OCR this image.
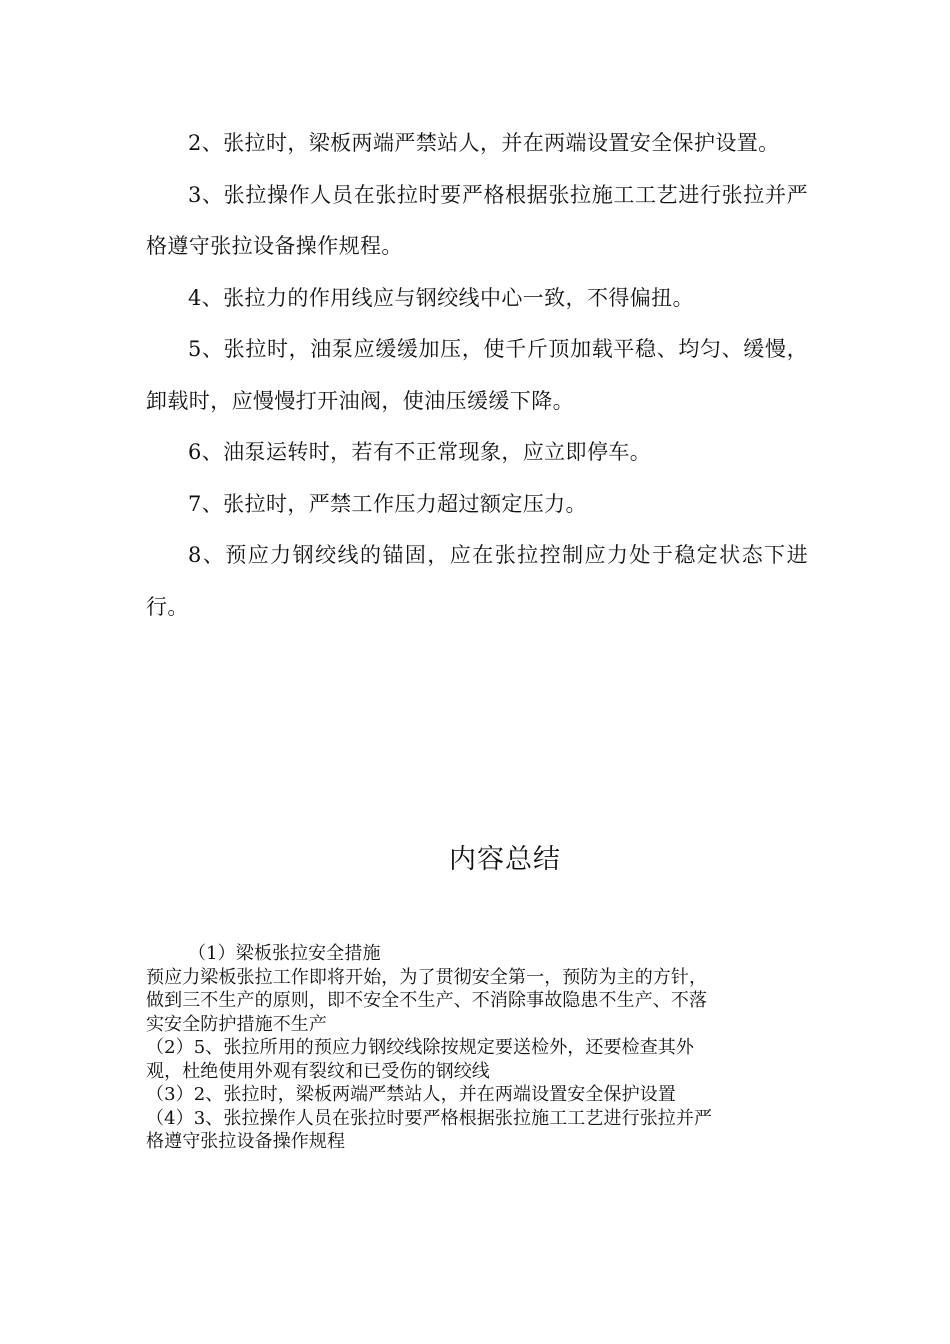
2、张拉时，梁板两端严禁站人，并在两端设置安全保护设置。

3、张拉操作人员在张拉时要严格根据张拉施工工艺进行张拉并严格遵守张拉设备操作规程。

4、张拉力的作用线应与钢绞线中心一致，不得偏扭。

5、张拉时，油泵应缓缓加压，使千斤顶加载平稳、均匀、缓慢，卸载时，应慢慢打开油阀，使油压缓缓下降。

6、油泵运转时，若有不正常现象，应立即停车。

7、张拉时，严禁工作压力超过额定压力。

8、预应力钢绞线的锚固，应在张拉控制应力处于稳定状态下进行。

内容总结

（1）梁板张拉安全措施

预应力梁板张拉工作即将开始，为了贯彻安全第一，预防为主的方针，

做到三不生产的原则，即不安全不生产、不消除事故隐患不生产、不落

实安全防护措施不生产

（2）5、张拉所用的预应力钢绞线除按规定要送检外，还要检查其外

观，杜绝使用外观有裂纹和已受伤的钢绞线

（3）2、张拉时，梁板两端严禁站人，并在两端设置安全保护设置

（4）3、张拉操作人员在张拉时要严格根据张拉施工工艺进行张拉并严

格遵守张拉设备操作规程
